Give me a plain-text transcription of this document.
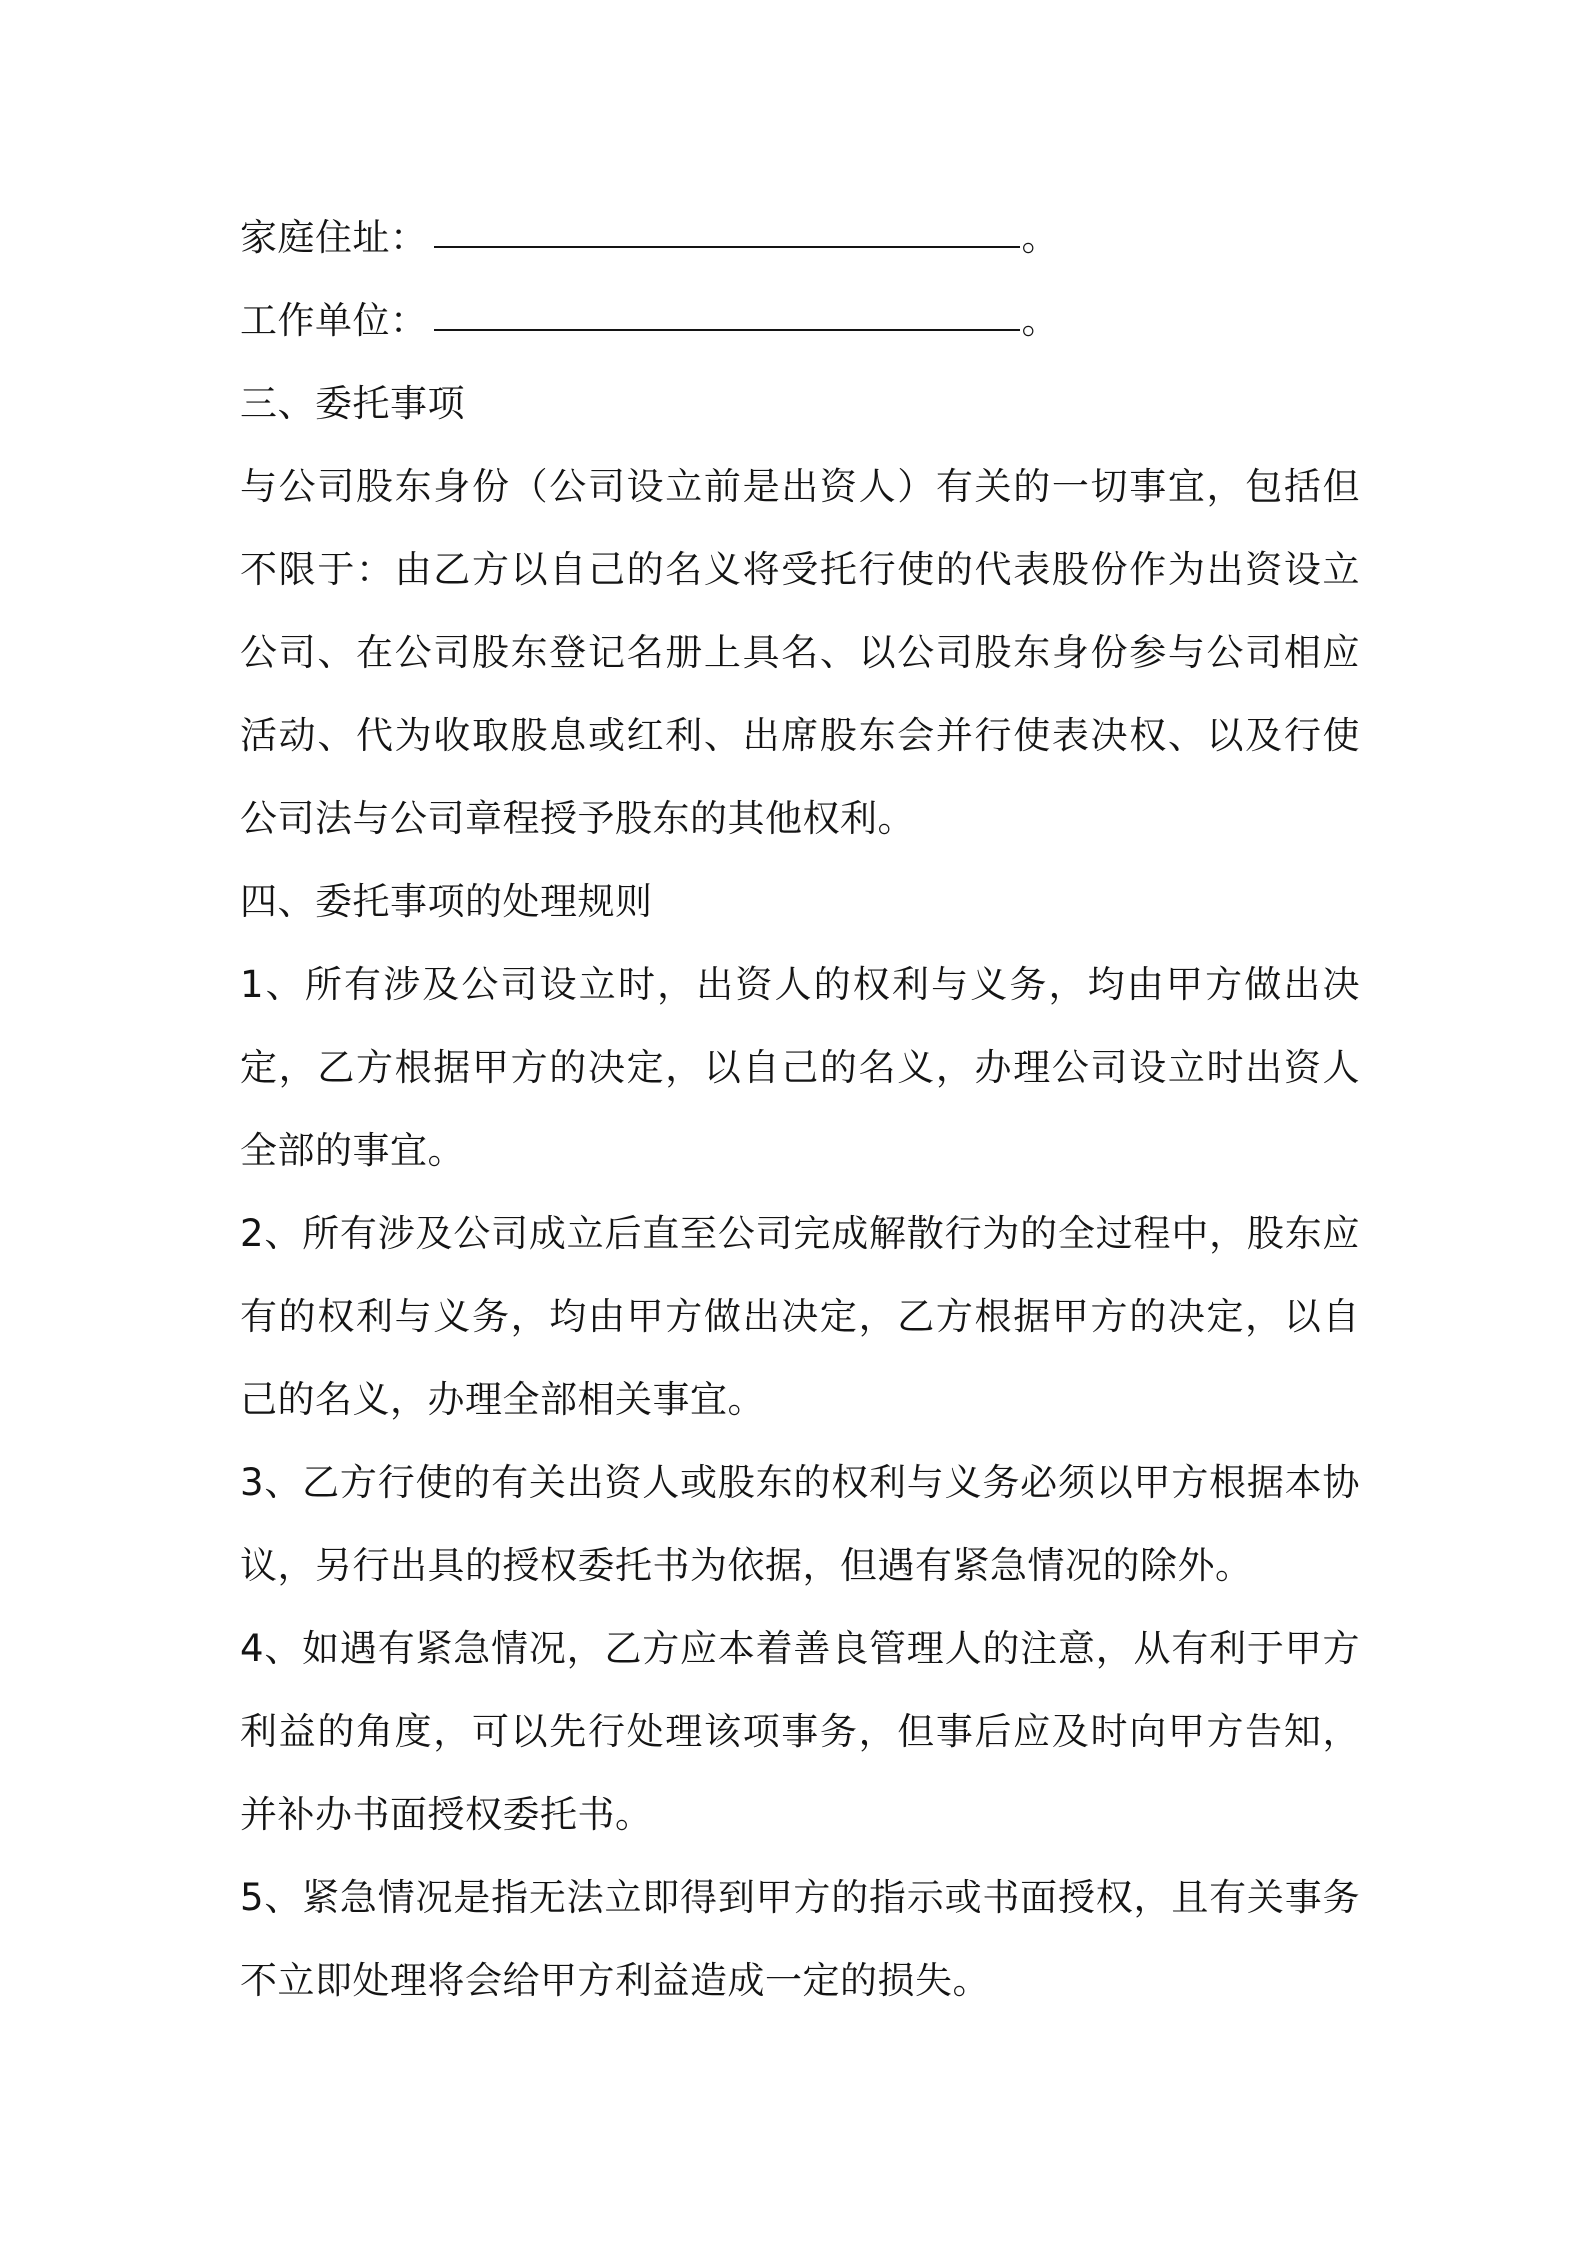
家庭住址：	。

工作单位：	。

三、委托事项

与公司股东身份（公司设立前是出资人）有关的一切事宜，包括但不限于：由乙方以自己的名义将受托行使的代表股份作为出资设立公司、在公司股东登记名册上具名、以公司股东身份参与公司相应活动、代为收取股息或红利、出席股东会并行使表决权、以及行使公司法与公司章程授予股东的其他权利。

四、委托事项的处理规则

1、所有涉及公司设立时，出资人的权利与义务，均由甲方做出决定，乙方根据甲方的决定，以自己的名义，办理公司设立时出资人全部的事宜。

2、所有涉及公司成立后直至公司完成解散行为的全过程中，股东应有的权利与义务，均由甲方做出决定，乙方根据甲方的决定，以自己的名义，办理全部相关事宜。

3、乙方行使的有关出资人或股东的权利与义务必须以甲方根据本协议，另行出具的授权委托书为依据，但遇有紧急情况的除外。

4、如遇有紧急情况，乙方应本着善良管理人的注意，从有利于甲方利益的角度，可以先行处理该项事务，但事后应及时向甲方告知，并补办书面授权委托书。

5、紧急情况是指无法立即得到甲方的指示或书面授权，且有关事务不立即处理将会给甲方利益造成一定的损失。
